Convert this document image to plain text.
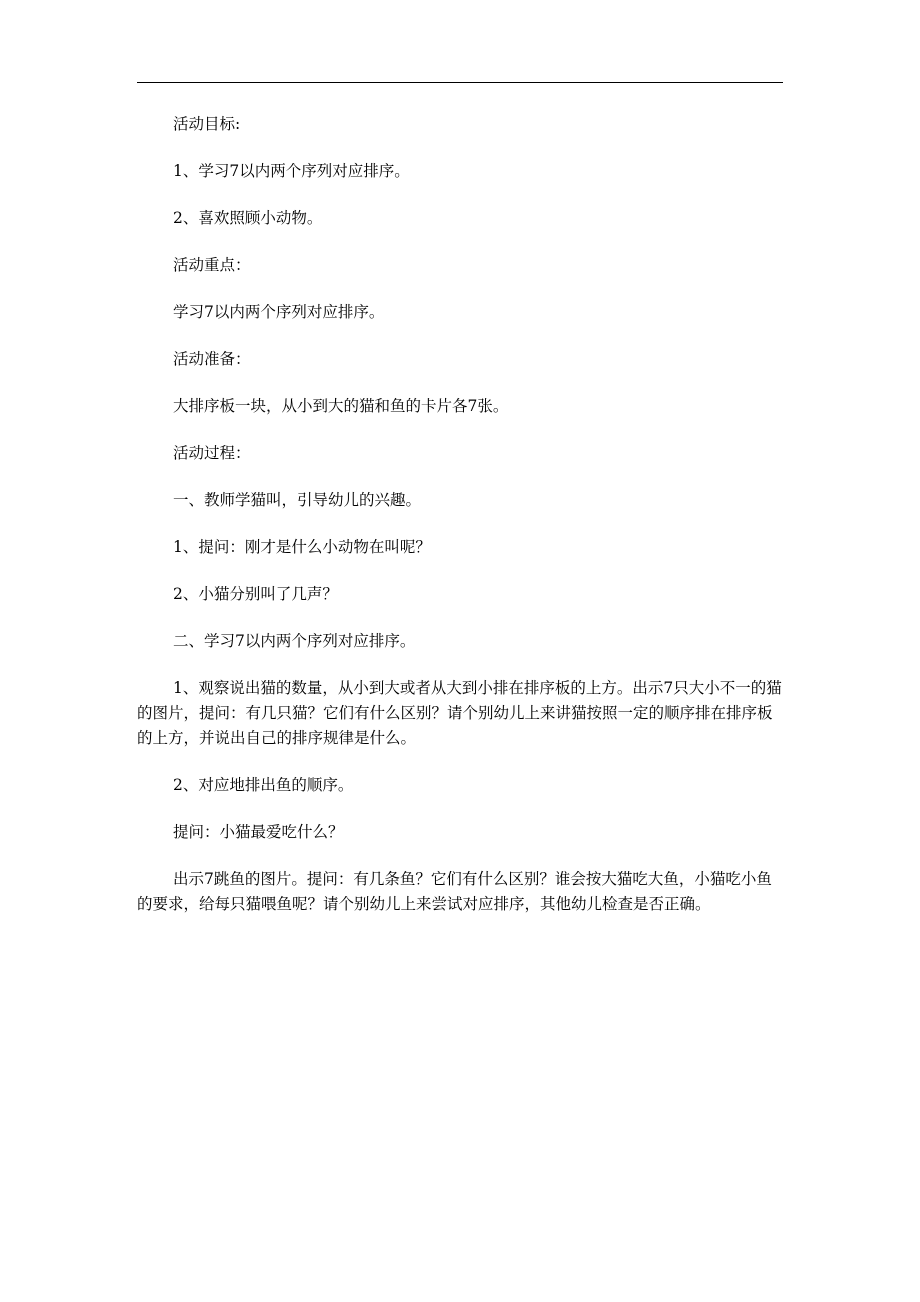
活动目标:

1、学习7以内两个序列对应排序。

2、喜欢照顾小动物。

活动重点：

学习7以内两个序列对应排序。

活动准备：

大排序板一块，从小到大的猫和鱼的卡片各7张。

活动过程：

一、教师学猫叫，引导幼儿的兴趣。

1、提问：刚才是什么小动物在叫呢？

2、小猫分别叫了几声？

二、学习7以内两个序列对应排序。

1、观察说出猫的数量，从小到大或者从大到小排在排序板的上方。出示7只大小不一的猫的图片，提问：有几只猫？它们有什么区别？请个别幼儿上来讲猫按照一定的顺序排在排序板的上方，并说出自己的排序规律是什么。

2、对应地排出鱼的顺序。

提问：小猫最爱吃什么？

出示7跳鱼的图片。提问：有几条鱼？它们有什么区别？谁会按大猫吃大鱼，小猫吃小鱼的要求，给每只猫喂鱼呢？请个别幼儿上来尝试对应排序，其他幼儿检查是否正确。
